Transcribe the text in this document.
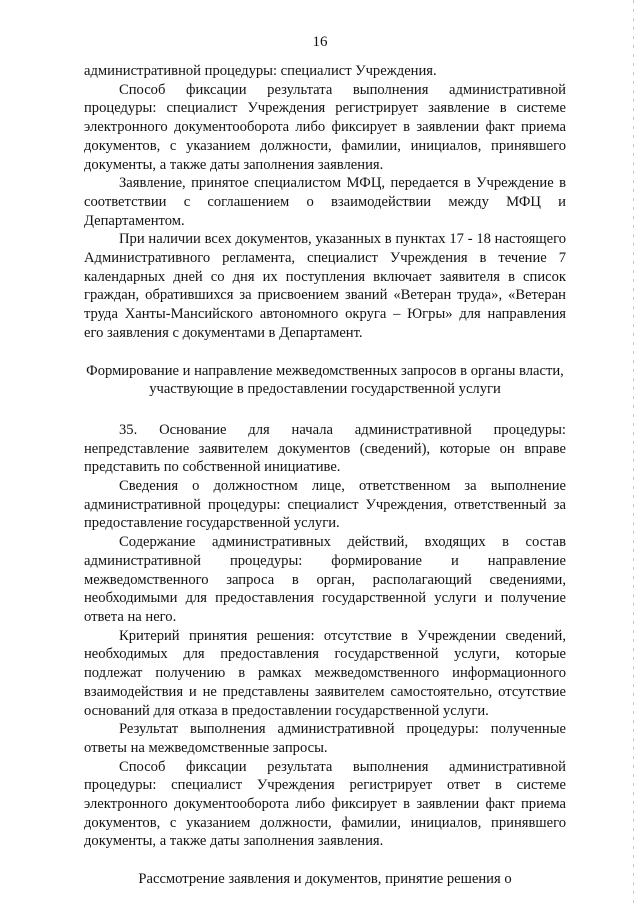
16

административной процедуры: специалист Учреждения.

Способ фиксации результата выполнения административной процедуры: специалист Учреждения регистрирует заявление в системе электронного документооборота либо фиксирует в заявлении факт приема документов, с указанием должности, фамилии, инициалов, принявшего документы, а также даты заполнения заявления.

Заявление, принятое специалистом МФЦ, передается в Учреждение в соответствии с соглашением о взаимодействии между МФЦ и Департаментом.

При наличии всех документов, указанных в пунктах 17 - 18 настоящего Административного регламента, специалист Учреждения в течение 7 календарных дней со дня их поступления включает заявителя в список граждан, обратившихся за присвоением званий «Ветеран труда», «Ветеран труда Ханты-Мансийского автономного округа – Югры» для направления его заявления с документами в Департамент.

Формирование и направление межведомственных запросов в органы власти, участвующие в предоставлении государственной услуги

35. Основание для начала административной процедуры: непредставление заявителем документов (сведений), которые он вправе представить по собственной инициативе.

Сведения о должностном лице, ответственном за выполнение административной процедуры: специалист Учреждения, ответственный за предоставление государственной услуги.

Содержание административных действий, входящих в состав административной процедуры: формирование и направление межведомственного запроса в орган, располагающий сведениями, необходимыми для предоставления государственной услуги и получение ответа на него.

Критерий принятия решения: отсутствие в Учреждении сведений, необходимых для предоставления государственной услуги, которые подлежат получению в рамках межведомственного информационного взаимодействия и не представлены заявителем самостоятельно, отсутствие оснований для отказа в предоставлении государственной услуги.

Результат выполнения административной процедуры: полученные ответы на межведомственные запросы.

Способ фиксации результата выполнения административной процедуры: специалист Учреждения регистрирует ответ в системе электронного документооборота либо фиксирует в заявлении факт приема документов, с указанием должности, фамилии, инициалов, принявшего документы, а также даты заполнения заявления.

Рассмотрение заявления и документов, принятие решения о
